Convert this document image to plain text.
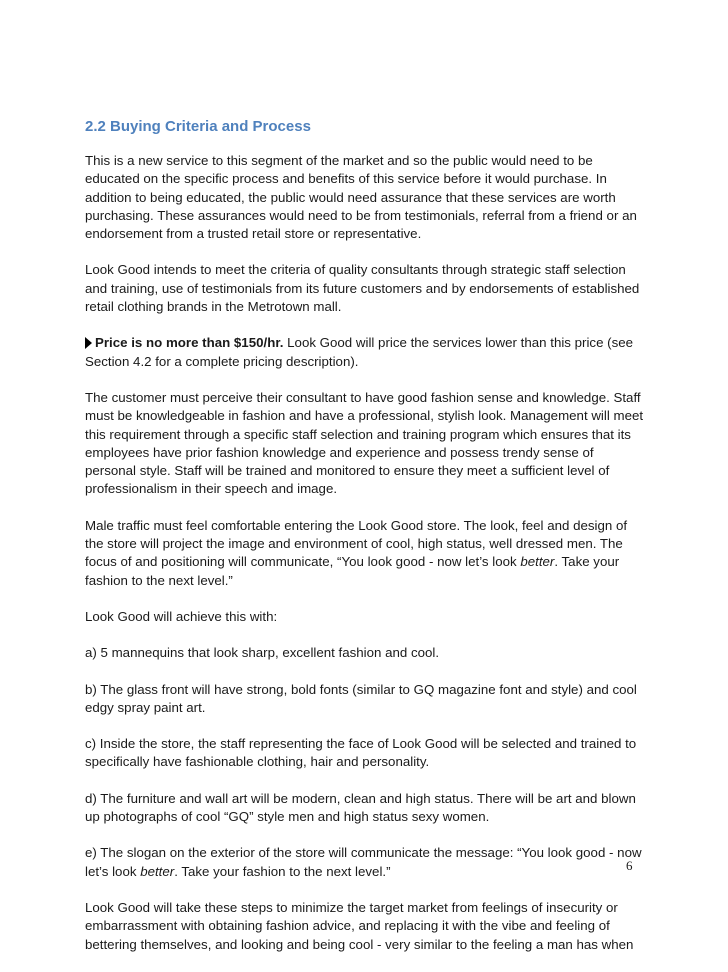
2.2 Buying Criteria and Process

This is a new service to this segment of the market and so the public would need to be educated on the specific process and benefits of this service before it would purchase. In addition to being educated, the public would need assurance that these services are worth purchasing. These assurances would need to be from testimonials, referral from a friend or an endorsement from a trusted retail store or representative.

Look Good intends to meet the criteria of quality consultants through strategic staff selection and training, use of testimonials from its future customers and by endorsements of established retail clothing brands in the Metrotown mall.

Price is no more than $150/hr. Look Good will price the services lower than this price (see Section 4.2 for a complete pricing description).

The customer must perceive their consultant to have good fashion sense and knowledge. Staff must be knowledgeable in fashion and have a professional, stylish look. Management will meet this requirement through a specific staff selection and training program which ensures that its employees have prior fashion knowledge and experience and possess trendy sense of personal style. Staff will be trained and monitored to ensure they meet a sufficient level of professionalism in their speech and image.

Male traffic must feel comfortable entering the Look Good store. The look, feel and design of the store will project the image and environment of cool, high status, well dressed men. The focus of and positioning will communicate, “You look good - now let’s look better. Take your fashion to the next level.”

Look Good will achieve this with:

a) 5 mannequins that look sharp, excellent fashion and cool.

b) The glass front will have strong, bold fonts (similar to GQ magazine font and style) and cool edgy spray paint art.

c) Inside the store, the staff representing the face of Look Good will be selected and trained to specifically have fashionable clothing, hair and personality.

d) The furniture and wall art will be modern, clean and high status. There will be art and blown up photographs of cool “GQ” style men and high status sexy women.

e) The slogan on the exterior of the store will communicate the message: “You look good - now let’s look better. Take your fashion to the next level.”

Look Good will take these steps to minimize the target market from feelings of insecurity or embarrassment with obtaining fashion advice, and replacing it with the vibe and feeling of bettering themselves, and looking and being cool - very similar to the feeling a man has when

6
